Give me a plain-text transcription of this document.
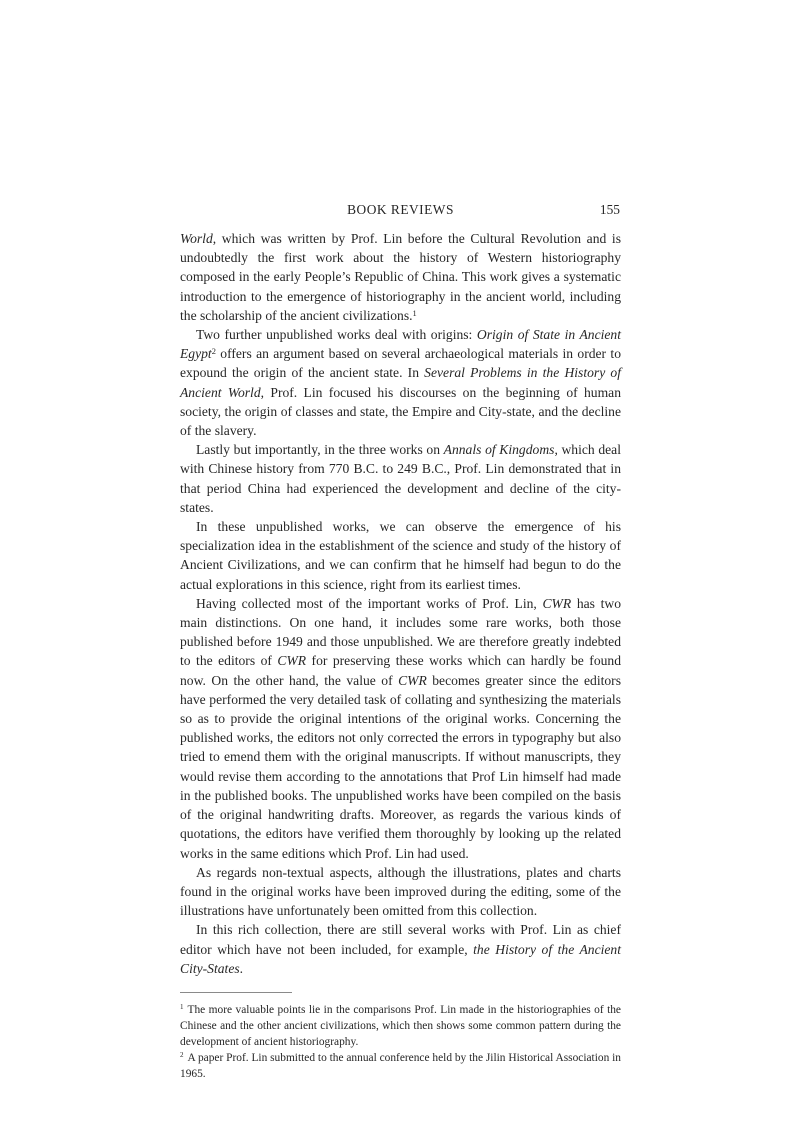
BOOK REVIEWS	155

World, which was written by Prof. Lin before the Cultural Revolution and is undoubtedly the first work about the history of Western historiography composed in the early People’s Republic of China. This work gives a systematic introduction to the emergence of historiography in the ancient world, including the scholarship of the ancient civilizations.$^1$

Two further unpublished works deal with origins: Origin of State in Ancient Egypt$^2$ offers an argument based on several archaeological materials in order to expound the origin of the ancient state. In Several Problems in the History of Ancient World, Prof. Lin focused his discourses on the beginning of human society, the origin of classes and state, the Empire and City-state, and the decline of the slavery.

Lastly but importantly, in the three works on Annals of Kingdoms, which deal with Chinese history from 770 B.C. to 249 B.C., Prof. Lin demonstrated that in that period China had experienced the development and decline of the city-states.

In these unpublished works, we can observe the emergence of his specialization idea in the establishment of the science and study of the history of Ancient Civilizations, and we can confirm that he himself had begun to do the actual explorations in this science, right from its earliest times.

Having collected most of the important works of Prof. Lin, CWR has two main distinctions. On one hand, it includes some rare works, both those published before 1949 and those unpublished. We are therefore greatly indebted to the editors of CWR for preserving these works which can hardly be found now. On the other hand, the value of CWR becomes greater since the editors have performed the very detailed task of collating and synthesizing the materials so as to provide the original intentions of the original works. Concerning the published works, the editors not only corrected the errors in typography but also tried to emend them with the original manuscripts. If without manuscripts, they would revise them according to the annotations that Prof Lin himself had made in the published books. The unpublished works have been compiled on the basis of the original handwriting drafts. Moreover, as regards the various kinds of quotations, the editors have verified them thoroughly by looking up the related works in the same editions which Prof. Lin had used.

As regards non-textual aspects, although the illustrations, plates and charts found in the original works have been improved during the editing, some of the illustrations have unfortunately been omitted from this collection.

In this rich collection, there are still several works with Prof. Lin as chief editor which have not been included, for example, the History of the Ancient City-States.

$^1$ The more valuable points lie in the comparisons Prof. Lin made in the historiographies of the Chinese and the other ancient civilizations, which then shows some common pattern during the development of ancient historiography.

$^2$ A paper Prof. Lin submitted to the annual conference held by the Jilin Historical Association in 1965.
